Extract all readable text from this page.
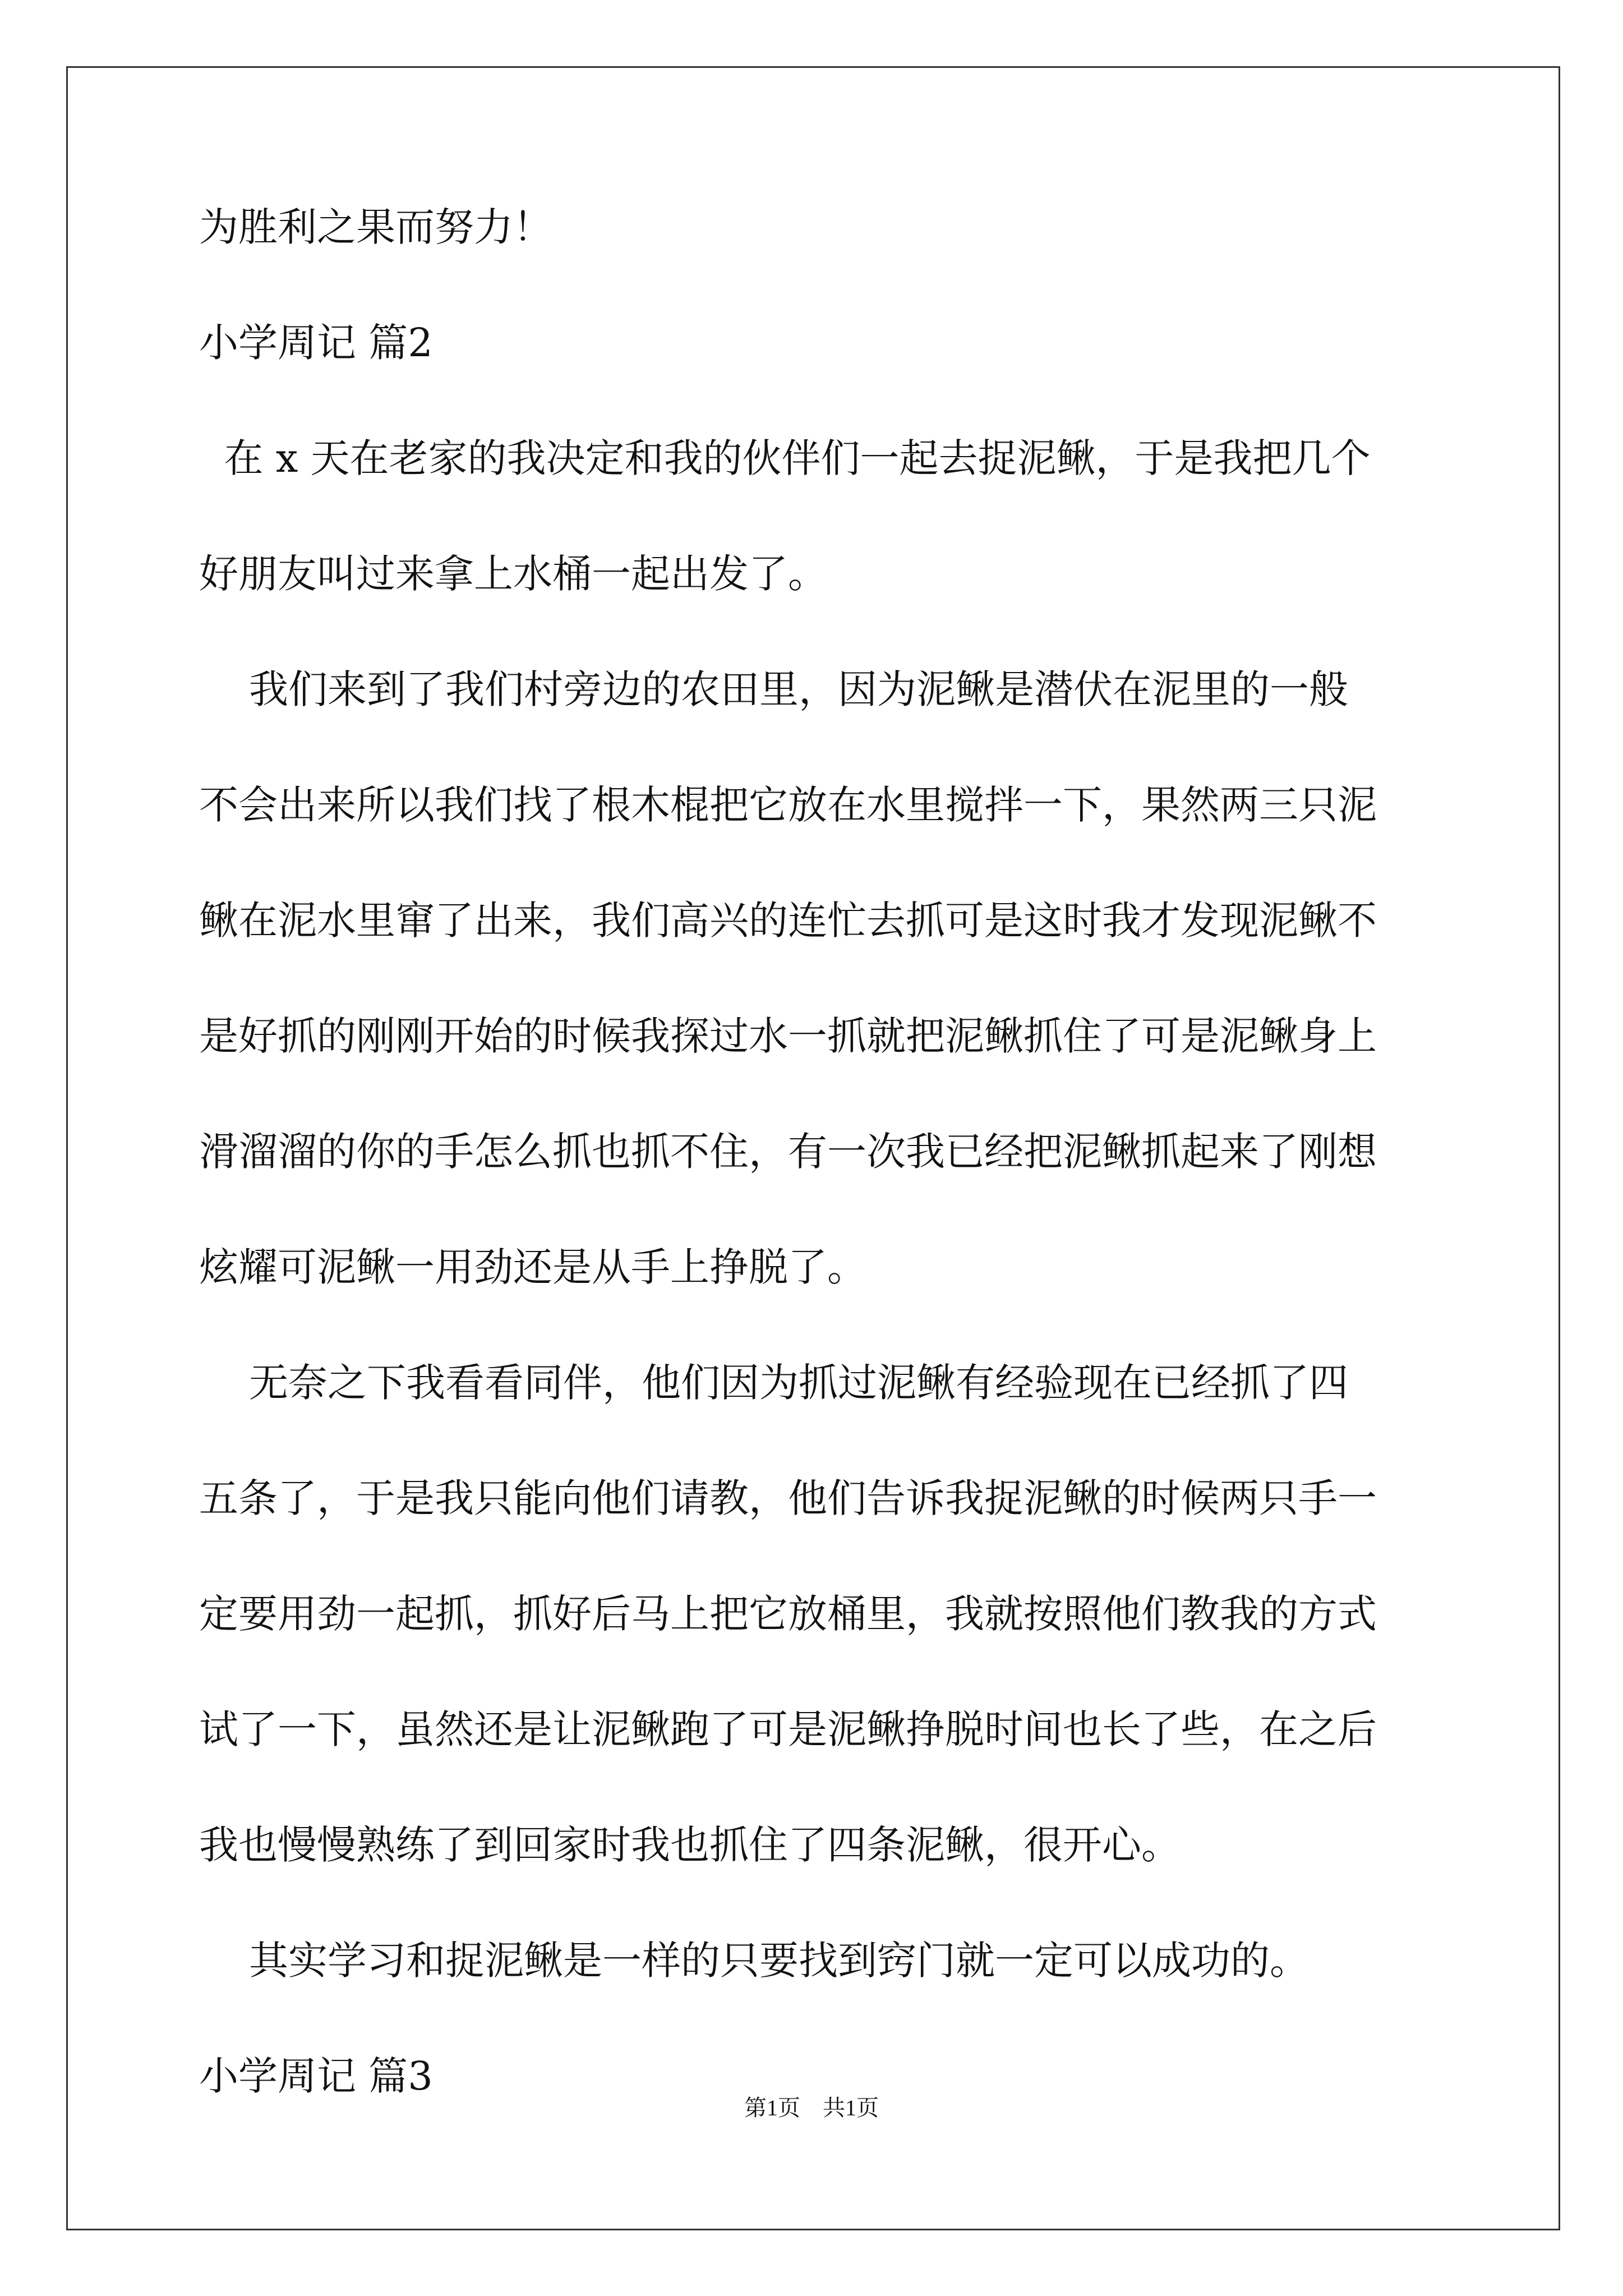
为胜利之果而努力！

小学周记 篇2

在 x 天在老家的我决定和我的伙伴们一起去捉泥鳅，于是我把几个

好朋友叫过来拿上水桶一起出发了。

我们来到了我们村旁边的农田里，因为泥鳅是潜伏在泥里的一般

不会出来所以我们找了根木棍把它放在水里搅拌一下，果然两三只泥

鳅在泥水里窜了出来，我们高兴的连忙去抓可是这时我才发现泥鳅不

是好抓的刚刚开始的时候我探过水一抓就把泥鳅抓住了可是泥鳅身上

滑溜溜的你的手怎么抓也抓不住，有一次我已经把泥鳅抓起来了刚想

炫耀可泥鳅一用劲还是从手上挣脱了。

无奈之下我看看同伴，他们因为抓过泥鳅有经验现在已经抓了四

五条了，于是我只能向他们请教，他们告诉我捉泥鳅的时候两只手一

定要用劲一起抓，抓好后马上把它放桶里，我就按照他们教我的方式

试了一下，虽然还是让泥鳅跑了可是泥鳅挣脱时间也长了些，在之后

我也慢慢熟练了到回家时我也抓住了四条泥鳅，很开心。

其实学习和捉泥鳅是一样的只要找到窍门就一定可以成功的。

小学周记 篇3

第1页 共1页
